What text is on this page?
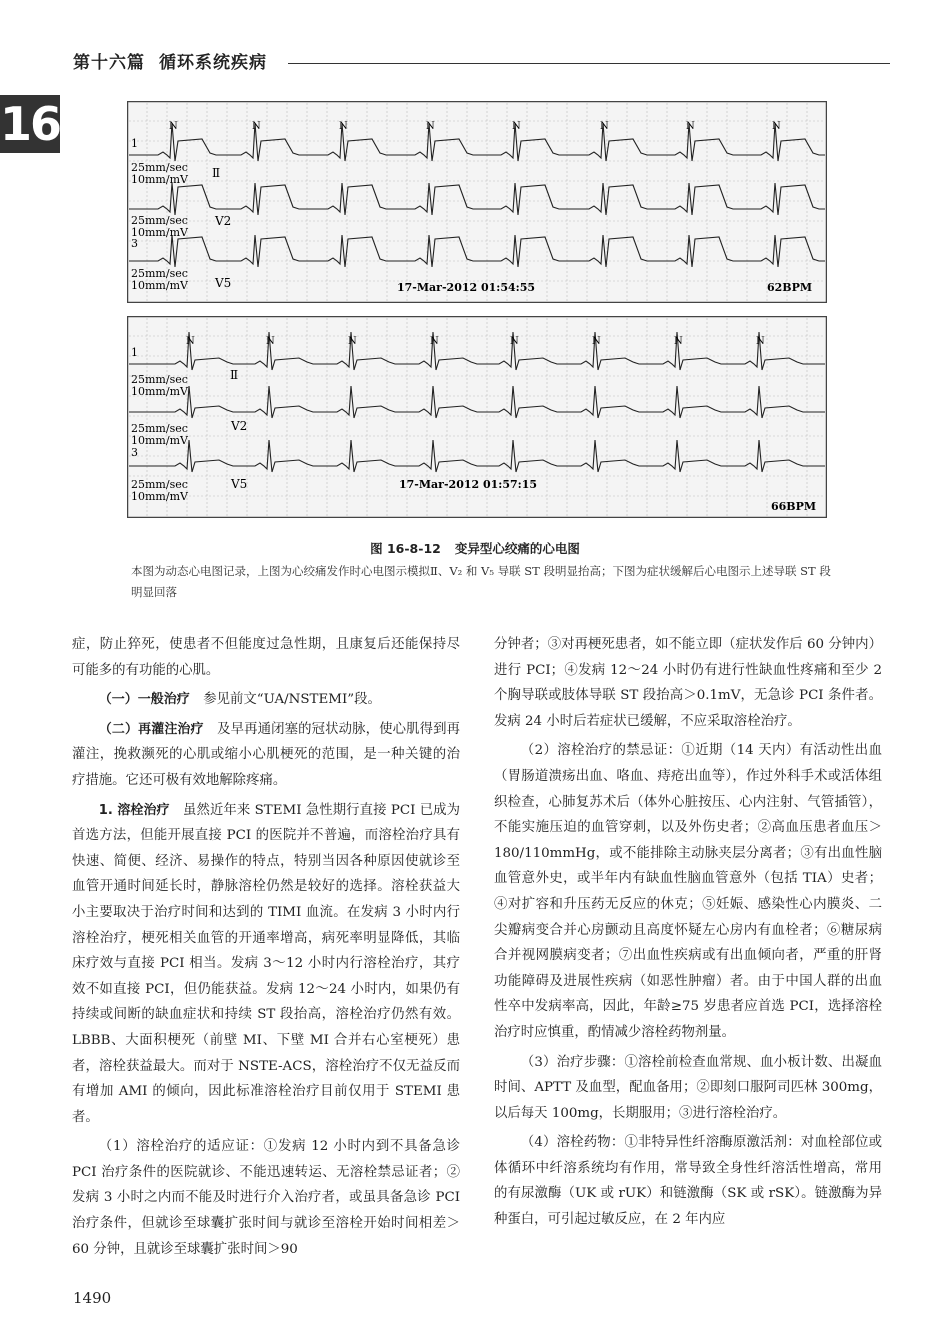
第十六篇 循环系统疾病
16	N	N	N	N	N	N	N	N
1
25mm/sec
10mm/mV Ⅱ
25mm/sec
10mm/mV
V2
3
25mm/sec
10mm/mV V5	17-Mar-2012 01:54:55	62BPM
N	N	N	N	N	N	N	N
1
25mm/sec
10mm/mV
Ⅱ
25mm/sec
10mm/mV
V2
3
25mm/sec
10mm/mV
V5	17-Mar-2012 01:57:15
66BPM
图 16-8-12 变异型心绞痛的心电图
本图为动态心电图记录，上图为心绞痛发作时心电图示模拟Ⅱ、V₂ 和 V₅ 导联 ST 段明显抬高；下图为症状缓解后心电图示上述导联 ST 段明显回落

症，防止猝死，使患者不但能度过急性期，且康复后还能保持尽可能多的有功能的心肌。

（一）一般治疗　参见前文“UA/NSTEMI”段。

（二）再灌注治疗　及早再通闭塞的冠状动脉，使心肌得到再灌注，挽救濒死的心肌或缩小心肌梗死的范围，是一种关键的治疗措施。它还可极有效地解除疼痛。

1. 溶栓治疗　虽然近年来 STEMI 急性期行直接 PCI 已成为首选方法，但能开展直接 PCI 的医院并不普遍，而溶栓治疗具有快速、简便、经济、易操作的特点，特别当因各种原因使就诊至血管开通时间延长时，静脉溶栓仍然是较好的选择。溶栓获益大小主要取决于治疗时间和达到的 TIMI 血流。在发病 3 小时内行溶栓治疗，梗死相关血管的开通率增高，病死率明显降低，其临床疗效与直接 PCI 相当。发病 3～12 小时内行溶栓治疗，其疗效不如直接 PCI，但仍能获益。发病 12～24 小时内，如果仍有持续或间断的缺血症状和持续 ST 段抬高，溶栓治疗仍然有效。LBBB、大面积梗死（前壁 MI、下壁 MI 合并右心室梗死）患者，溶栓获益最大。而对于 NSTE-ACS，溶栓治疗不仅无益反而有增加 AMI 的倾向，因此标准溶栓治疗目前仅用于 STEMI 患者。

（1）溶栓治疗的适应证：①发病 12 小时内到不具备急诊 PCI 治疗条件的医院就诊、不能迅速转运、无溶栓禁忌证者；②发病 3 小时之内而不能及时进行介入治疗者，或虽具备急诊 PCI 治疗条件，但就诊至球囊扩张时间与就诊至溶栓开始时间相差＞60 分钟，且就诊至球囊扩张时间＞90

分钟者；③对再梗死患者，如不能立即（症状发作后 60 分钟内）进行 PCI；④发病 12～24 小时仍有进行性缺血性疼痛和至少 2 个胸导联或肢体导联 ST 段抬高＞0.1mV，无急诊 PCI 条件者。发病 24 小时后若症状已缓解，不应采取溶栓治疗。

（2）溶栓治疗的禁忌证：①近期（14 天内）有活动性出血（胃肠道溃疡出血、咯血、痔疮出血等），作过外科手术或活体组织检查，心肺复苏术后（体外心脏按压、心内注射、气管插管），不能实施压迫的血管穿刺，以及外伤史者；②高血压患者血压＞180/110mmHg，或不能排除主动脉夹层分离者；③有出血性脑血管意外史，或半年内有缺血性脑血管意外（包括 TIA）史者；④对扩容和升压药无反应的休克；⑤妊娠、感染性心内膜炎、二尖瓣病变合并心房颤动且高度怀疑左心房内有血栓者；⑥糖尿病合并视网膜病变者；⑦出血性疾病或有出血倾向者，严重的肝肾功能障碍及进展性疾病（如恶性肿瘤）者。由于中国人群的出血性卒中发病率高，因此，年龄≥75 岁患者应首选 PCI，选择溶栓治疗时应慎重，酌情减少溶栓药物剂量。

（3）治疗步骤：①溶栓前检查血常规、血小板计数、出凝血时间、APTT 及血型，配血备用；②即刻口服阿司匹林 300mg，以后每天 100mg，长期服用；③进行溶栓治疗。

（4）溶栓药物：①非特异性纤溶酶原激活剂：对血栓部位或体循环中纤溶系统均有作用，常导致全身性纤溶活性增高，常用的有尿激酶（UK 或 rUK）和链激酶（SK 或 rSK）。链激酶为异种蛋白，可引起过敏反应，在 2 年内应

1490
